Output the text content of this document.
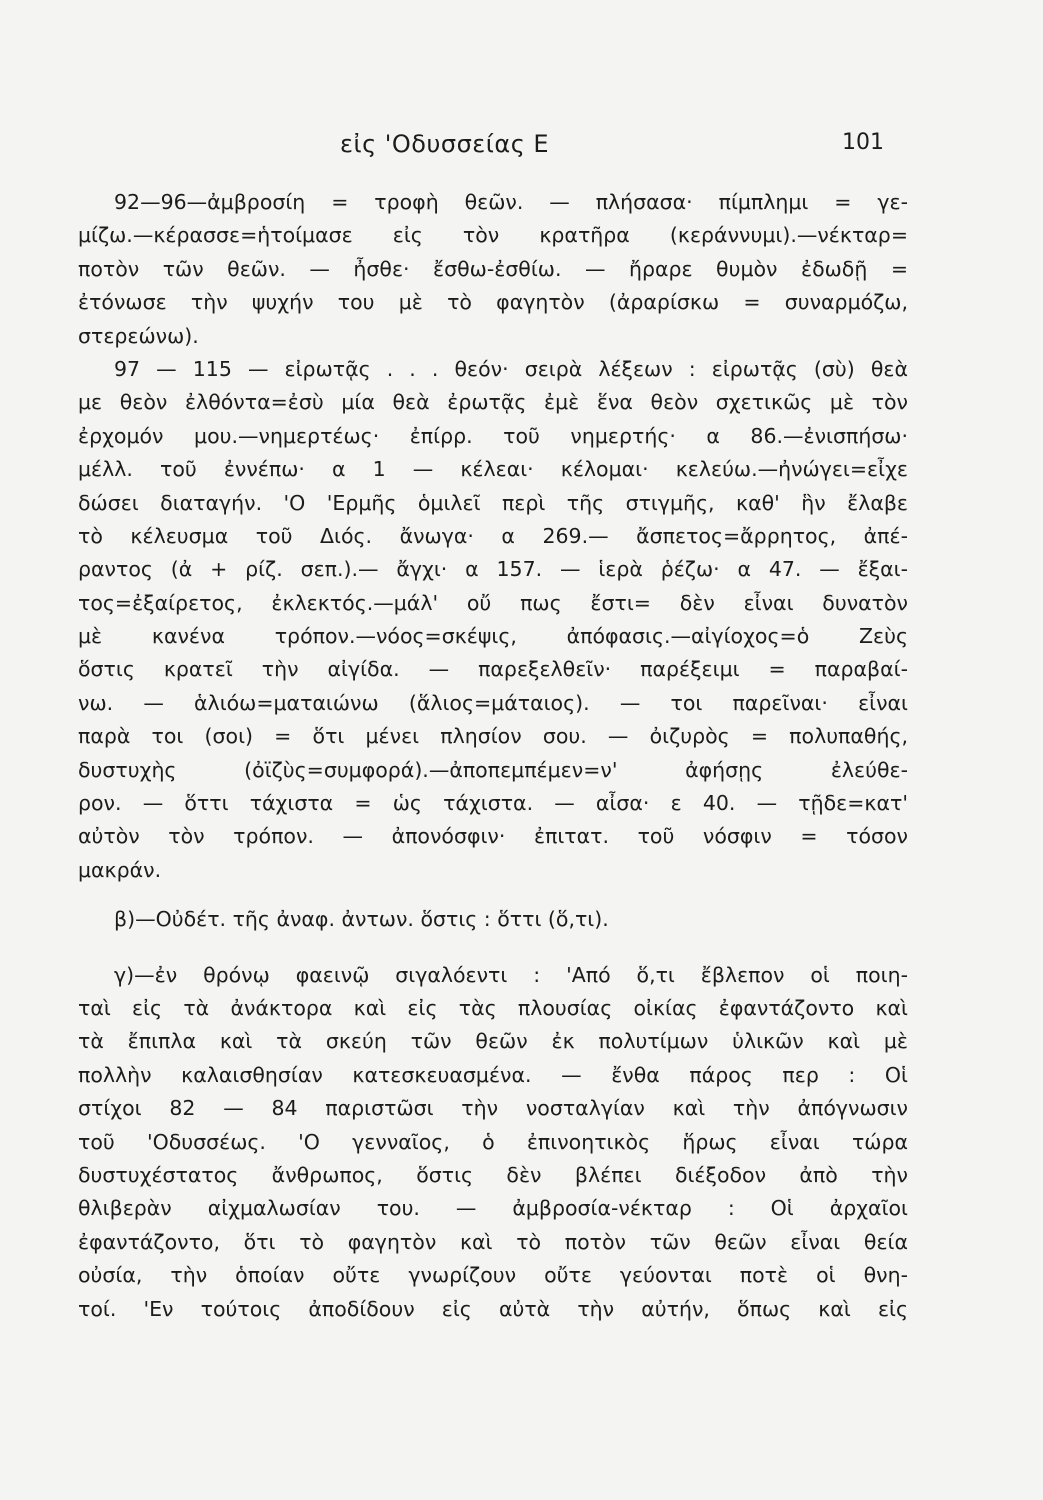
εἰς 'Οδυσσείας Ε	101
92—96—ἀμβροσίη = τροφὴ θεῶν. — πλήσασα· πίμπλημι = γε-
μίζω.—κέρασσε=ἡτοίμασε εἰς τὸν κρατῆρα (κεράννυμι).—νέκταρ=
ποτὸν τῶν θεῶν. — ἦσθε· ἔσθω-ἐσθίω. — ἤραρε θυμὸν ἐδωδῇ =
ἐτόνωσε τὴν ψυχήν του μὲ τὸ φαγητὸν (ἀραρίσκω = συναρμόζω,
στερεώνω).
97 — 115 — εἰρωτᾷς . . . θεόν· σειρὰ λέξεων : εἰρωτᾷς (σὺ) θεὰ
με θεὸν ἐλθόντα=ἐσὺ μία θεὰ ἐρωτᾷς ἐμὲ ἕνα θεὸν σχετικῶς μὲ τὸν
ἐρχομόν μου.—νημερτέως· ἐπίρρ. τοῦ νημερτής· α 86.—ἐνισπήσω·
μέλλ. τοῦ ἐννέπω· α 1 — κέλεαι· κέλομαι· κελεύω.—ἠνώγει=εἶχε
δώσει διαταγήν. 'Ο 'Ερμῆς ὁμιλεῖ περὶ τῆς στιγμῆς, καθ' ἣν ἔλαβε
τὸ κέλευσμα τοῦ Διός. ἄνωγα· α 269.— ἄσπετος=ἄρρητος, ἀπέ-
ραντος (ἀ + ρίζ. σεπ.).— ἄγχι· α 157. — ἱερὰ ῥέζω· α 47. — ἔξαι-
τος=ἐξαίρετος, ἐκλεκτός.—μάλ' οὔ πως ἔστι= δὲν εἶναι δυνατὸν
μὲ κανένα τρόπον.—νόος=σκέψις, ἀπόφασις.—αἰγίοχος=ὁ Ζεὺς
ὅστις κρατεῖ τὴν αἰγίδα. — παρεξελθεῖν· παρέξειμι = παραβαί-
νω. — ἁλιόω=ματαιώνω (ἅλιος=μάταιος). — τοι παρεῖναι· εἶναι
παρὰ τοι (σοι) = ὅτι μένει πλησίον σου. — ὀιζυρὸς = πολυπαθής,
δυστυχὴς (ὀϊζὺς=συμφορά).—ἀποπεμπέμεν=ν' ἀφήσῃς ἐλεύθε-
ρον. — ὅττι τάχιστα = ὡς τάχιστα. — αἶσα· ε 40. — τῇδε=κατ'
αὐτὸν τὸν τρόπον. — ἀπονόσφιν· ἐπιτατ. τοῦ νόσφιν = τόσον
μακράν.
β)—Οὐδέτ. τῆς ἀναφ. ἀντων. ὅστις : ὅττι (ὅ,τι).
γ)—ἐν θρόνῳ φαεινῷ σιγαλόεντι : 'Από ὅ,τι ἔβλεπον οἱ ποιη-
ταὶ εἰς τὰ ἀνάκτορα καὶ εἰς τὰς πλουσίας οἰκίας ἐφαντάζοντο καὶ
τὰ ἔπιπλα καὶ τὰ σκεύη τῶν θεῶν ἐκ πολυτίμων ὑλικῶν καὶ μὲ
πολλὴν καλαισθησίαν κατεσκευασμένα. — ἔνθα πάρος περ : Οἱ
στίχοι 82 — 84 παριστῶσι τὴν νοσταλγίαν καὶ τὴν ἀπόγνωσιν
τοῦ 'Οδυσσέως. 'Ο γενναῖος, ὁ ἐπινοητικὸς ἥρως εἶναι τώρα
δυστυχέστατος ἄνθρωπος, ὅστις δὲν βλέπει διέξοδον ἀπὸ τὴν
θλιβερὰν αἰχμαλωσίαν του. — ἀμβροσία-νέκταρ : Οἱ ἀρχαῖοι
ἐφαντάζοντο, ὅτι τὸ φαγητὸν καὶ τὸ ποτὸν τῶν θεῶν εἶναι θεία
οὐσία, τὴν ὁποίαν οὔτε γνωρίζουν οὔτε γεύονται ποτὲ οἱ θνη-
τοί. 'Εν τούτοις ἀποδίδουν εἰς αὐτὰ τὴν αὐτήν, ὅπως καὶ εἰς
